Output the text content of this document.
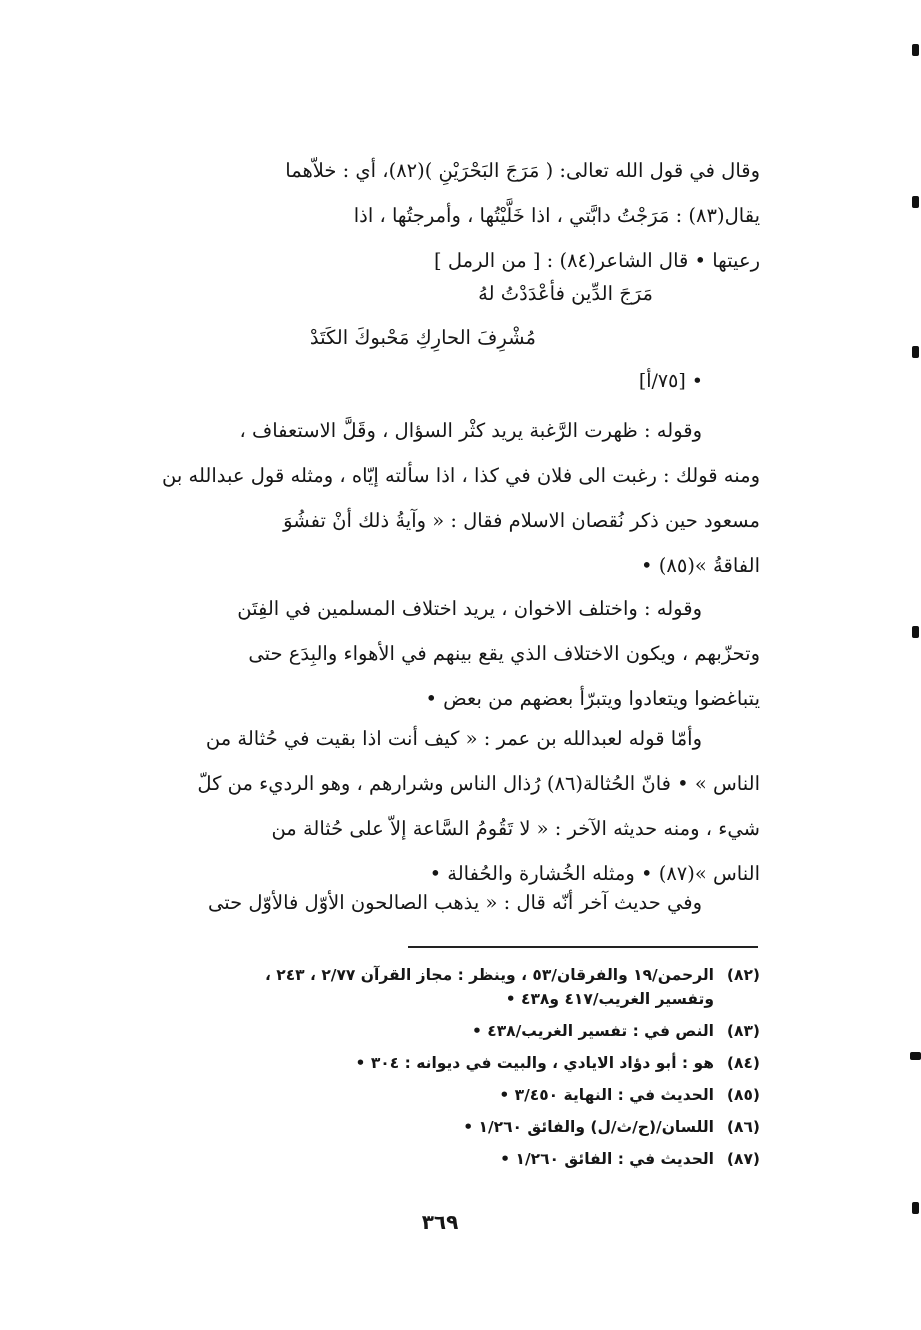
وقال في قول الله تعالى: ( مَرَجَ البَحْرَيْنِ )(٨٢)، أي : خلاّهما
يقال(٨٣) : مَرَجْتُ دابَّتي ، اذا خَلَّيْتُها ، وأمرجتُها ، اذا
رعيتها • قال الشاعر(٨٤) : [ من الرمل ]
مَرَجَ الدِّين فأعْدَدْتُ لهُ
مُشْرِفَ الحارِكِ مَحْبوكَ الكَتَدْ
• [٧٥/أ]
وقوله : ظهرت الرَّغبة يريد كثْر السؤال ، وقَلَّ الاستعفاف ،
ومنه قولك : رغبت الى فلان في كذا ، اذا سألته إيّاه ، ومثله قول عبدالله بن
مسعود حين ذكر نُقصان الاسلام فقال : « وآيةُ ذلك أنْ تفشُوَ
الفاقةُ »(٨٥) •
وقوله : واختلف الاخوان ، يريد اختلاف المسلمين في الفِتَن
وتحزّبهم ، ويكون الاختلاف الذي يقع بينهم في الأهواء والبِدَع حتى
يتباغضوا ويتعادوا ويتبرّأ بعضهم من بعض •
وأمّا قوله لعبدالله بن عمر : « كيف أنت اذا بقيت في حُثالة من
الناس » • فانّ الحُثالة(٨٦) رُذال الناس وشرارهم ، وهو الرديء من كلّ
شيء ، ومنه حديثه الآخر : « لا تَقُومُ السَّاعة إلاّ على حُثالة من
الناس »(٨٧) • ومثله الخُشارة والحُفالة •
وفي حديث آخر أنّه قال : « يذهب الصالحون الأوّل فالأوّل حتى
(٨٢)الرحمن/١٩ والفرقان/٥٣ ، وينظر : مجاز القرآن ٢/٧٧ ، ٢٤٣ ،
وتفسير الغريب/٤١٧ و٤٣٨ •
(٨٣)النص في : تفسير الغريب/٤٣٨ •
(٨٤)هو : أبو دؤاد الايادي ، والبيت في ديوانه : ٣٠٤ •
(٨٥)الحديث في : النهاية ٣/٤٥٠ •
(٨٦)اللسان/(ح/ث/ل) والفائق ١/٢٦٠ •
(٨٧)الحديث في : الفائق ١/٢٦٠ •
٣٦٩
